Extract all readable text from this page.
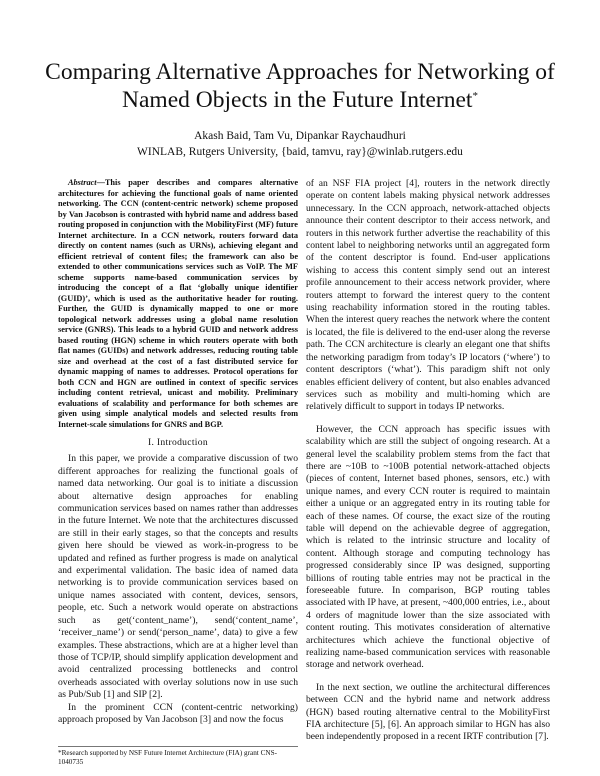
Comparing Alternative Approaches for Networking of Named Objects in the Future Internet*
Akash Baid, Tam Vu, Dipankar Raychaudhuri
WINLAB, Rutgers University, {baid, tamvu, ray}@winlab.rutgers.edu

Abstract—This paper describes and compares alternative architectures for achieving the functional goals of name oriented networking. The CCN (content-centric network) scheme proposed by Van Jacobson is contrasted with hybrid name and address based routing proposed in conjunction with the MobilityFirst (MF) future Internet architecture. In a CCN network, routers forward data directly on content names (such as URNs), achieving elegant and efficient retrieval of content files; the framework can also be extended to other communications services such as VoIP. The MF scheme supports name-based communication services by introducing the concept of a flat ‘globally unique identifier (GUID)’, which is used as the authoritative header for routing. Further, the GUID is dynamically mapped to one or more topological network addresses using a global name resolution service (GNRS). This leads to a hybrid GUID and network address based routing (HGN) scheme in which routers operate with both flat names (GUIDs) and network addresses, reducing routing table size and overhead at the cost of a fast distributed service for dynamic mapping of names to addresses. Protocol operations for both CCN and HGN are outlined in context of specific services including content retrieval, unicast and mobility. Preliminary evaluations of scalability and performance for both schemes are given using simple analytical models and selected results from Internet-scale simulations for GNRS and BGP.

I. Introduction

In this paper, we provide a comparative discussion of two different approaches for realizing the functional goals of named data networking. Our goal is to initiate a discussion about alternative design approaches for enabling communication services based on names rather than addresses in the future Internet. We note that the architectures discussed are still in their early stages, so that the concepts and results given here should be viewed as work-in-progress to be updated and refined as further progress is made on analytical and experimental validation. The basic idea of named data networking is to provide communication services based on unique names associated with content, devices, sensors, people, etc. Such a network would operate on abstractions such as get(‘content_name’), send(‘content_name’, ‘receiver_name’) or send(‘person_name’, data) to give a few examples. These abstractions, which are at a higher level than those of TCP/IP, should simplify application development and avoid centralized processing bottlenecks and control overheads associated with overlay solutions now in use such as Pub/Sub [1] and SIP [2].

In the prominent CCN (content-centric networking) approach proposed by Van Jacobson [3] and now the focus

of an NSF FIA project [4], routers in the network directly operate on content labels making physical network addresses unnecessary. In the CCN approach, network-attached objects announce their content descriptor to their access network, and routers in this network further advertise the reachability of this content label to neighboring networks until an aggregated form of the content descriptor is found. End-user applications wishing to access this content simply send out an interest profile announcement to their access network provider, where routers attempt to forward the interest query to the content using reachability information stored in the routing tables. When the interest query reaches the network where the content is located, the file is delivered to the end-user along the reverse path. The CCN architecture is clearly an elegant one that shifts the networking paradigm from today’s IP locators (‘where’) to content descriptors (‘what’). This paradigm shift not only enables efficient delivery of content, but also enables advanced services such as mobility and multi-homing which are relatively difficult to support in todays IP networks.

However, the CCN approach has specific issues with scalability which are still the subject of ongoing research. At a general level the scalability problem stems from the fact that there are ~10B to ~100B potential network-attached objects (pieces of content, Internet based phones, sensors, etc.) with unique names, and every CCN router is required to maintain either a unique or an aggregated entry in its routing table for each of these names. Of course, the exact size of the routing table will depend on the achievable degree of aggregation, which is related to the intrinsic structure and locality of content. Although storage and computing technology has progressed considerably since IP was designed, supporting billions of routing table entries may not be practical in the foreseeable future. In comparison, BGP routing tables associated with IP have, at present, ~400,000 entries, i.e., about 4 orders of magnitude lower than the size associated with content routing. This motivates consideration of alternative architectures which achieve the functional objective of realizing name-based communication services with reasonable storage and network overhead.

In the next section, we outline the architectural differences between CCN and the hybrid name and network address (HGN) based routing alternative central to the MobilityFirst FIA architecture [5], [6]. An approach similar to HGN has also been independently proposed in a recent IRTF contribution [7].

*Research supported by NSF Future Internet Architecture (FIA) grant CNS-1040735
